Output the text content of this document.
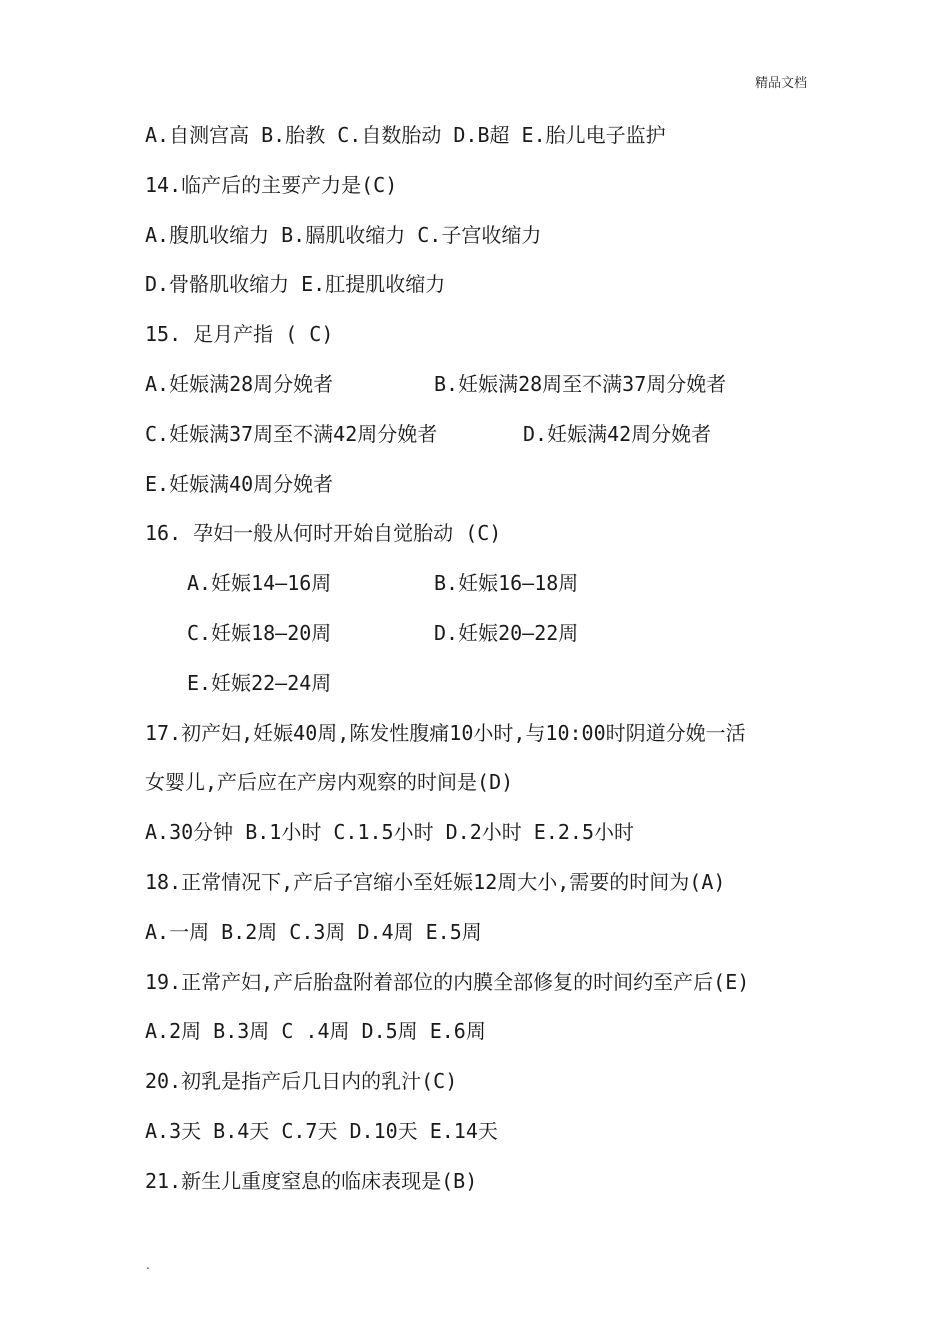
精品文档
A.自测宫高 B.胎教 C.自数胎动 D.B超 E.胎儿电子监护
14.临产后的主要产力是(C)
A.腹肌收缩力 B.膈肌收缩力 C.子宫收缩力
D.骨骼肌收缩力 E.肛提肌收缩力
15. 足月产指 ( C)
A.妊娠满28周分娩者	B.妊娠满28周至不满37周分娩者
C.妊娠满37周至不满42周分娩者	D.妊娠满42周分娩者
E.妊娠满40周分娩者
16. 孕妇一般从何时开始自觉胎动 (C)
A.妊娠14—16周	B.妊娠16—18周
C.妊娠18—20周	D.妊娠20—22周
E.妊娠22—24周
17.初产妇,妊娠40周,陈发性腹痛10小时,与10:00时阴道分娩一活
女婴儿,产后应在产房内观察的时间是(D)
A.30分钟 B.1小时 C.1.5小时 D.2小时 E.2.5小时
18.正常情况下,产后子宫缩小至妊娠12周大小,需要的时间为(A)
A.一周 B.2周 C.3周 D.4周 E.5周
19.正常产妇,产后胎盘附着部位的内膜全部修复的时间约至产后(E)
A.2周 B.3周 C .4周 D.5周 E.6周
20.初乳是指产后几日内的乳汁(C)
A.3天 B.4天 C.7天 D.10天 E.14天
21.新生儿重度窒息的临床表现是(B)
.
